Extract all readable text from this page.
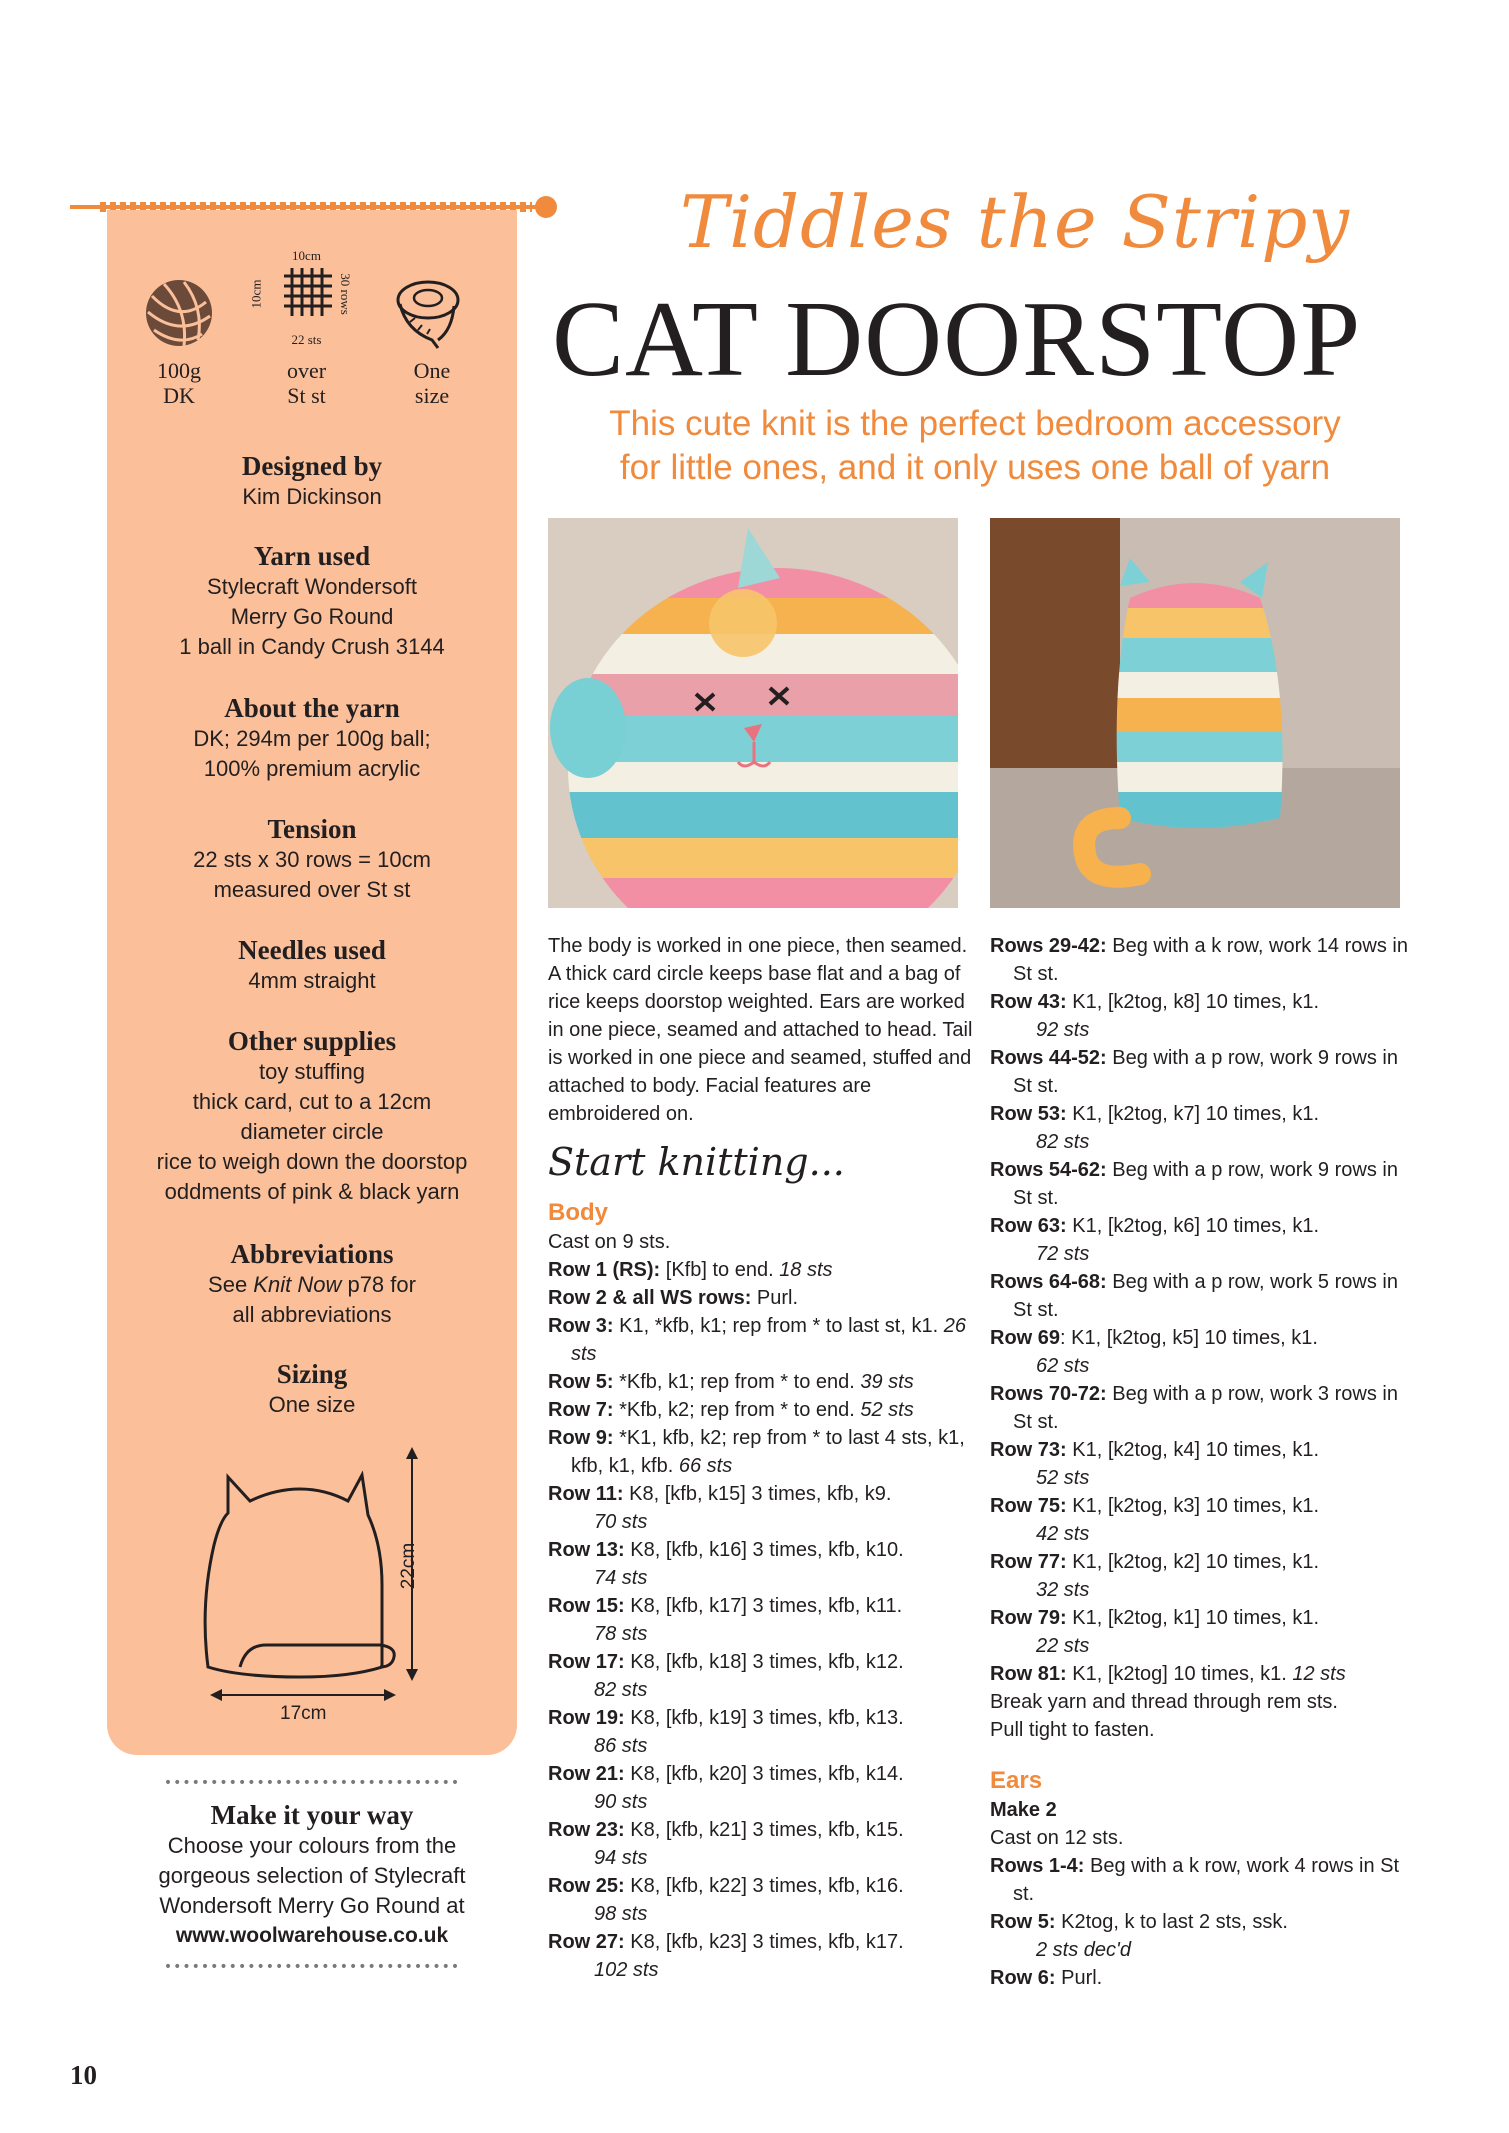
100g
DK
10cm
10cm	30 rows
22 sts
over
St st
One
size
Designed by
Kim Dickinson
Yarn used
Stylecraft Wondersoft
Merry Go Round
1 ball in Candy Crush 3144
About the yarn
DK; 294m per 100g ball;
100% premium acrylic
Tension
22 sts x 30 rows = 10cm
measured over St st
Needles used
4mm straight
Other supplies
toy stuffing
thick card, cut to a 12cm
diameter circle
rice to weigh down the doorstop
oddments of pink & black yarn
Abbreviations
See Knit Now p78 for
all abbreviations
Sizing
One size
22cm
17cm
••••••••••••••••••••••••••••••••
Make it your way
Choose your colours from the
gorgeous selection of Stylecraft
Wondersoft Merry Go Round at
www.woolwarehouse.co.uk
••••••••••••••••••••••••••••••••
10
Tiddles the Stripy
CAT DOORSTOP
This cute knit is the perfect bedroom accessory
for little ones, and it only uses one ball of yarn

The body is worked in one piece, then seamed. A thick card circle keeps base flat and a bag of rice keeps doorstop weighted. Ears are worked in one piece, seamed and attached to head. Tail is worked in one piece and seamed, stuffed and attached to body. Facial features are embroidered on.

Start knitting...
Body

Cast on 9 sts.

Row 1 (RS): [Kfb] to end. 18 sts

Row 2 & all WS rows: Purl.

Row 3: K1, *kfb, k1; rep from * to last st, k1. 26 sts

Row 5: *Kfb, k1; rep from * to end. 39 sts

Row 7: *Kfb, k2; rep from * to end. 52 sts

Row 9: *K1, kfb, k2; rep from * to last 4 sts, k1, kfb, k1, kfb. 66 sts

Row 11: K8, [kfb, k15] 3 times, kfb, k9.
70 sts

Row 13: K8, [kfb, k16] 3 times, kfb, k10.
74 sts

Row 15: K8, [kfb, k17] 3 times, kfb, k11.
78 sts

Row 17: K8, [kfb, k18] 3 times, kfb, k12.
82 sts

Row 19: K8, [kfb, k19] 3 times, kfb, k13.
86 sts

Row 21: K8, [kfb, k20] 3 times, kfb, k14.
90 sts

Row 23: K8, [kfb, k21] 3 times, kfb, k15.
94 sts

Row 25: K8, [kfb, k22] 3 times, kfb, k16.
98 sts

Row 27: K8, [kfb, k23] 3 times, kfb, k17.
102 sts

Rows 29-42: Beg with a k row, work 14 rows in St st.

Row 43: K1, [k2tog, k8] 10 times, k1.
92 sts

Rows 44-52: Beg with a p row, work 9 rows in St st.

Row 53: K1, [k2tog, k7] 10 times, k1.
82 sts

Rows 54-62: Beg with a p row, work 9 rows in St st.

Row 63: K1, [k2tog, k6] 10 times, k1.
72 sts

Rows 64-68: Beg with a p row, work 5 rows in St st.

Row 69: K1, [k2tog, k5] 10 times, k1.
62 sts

Rows 70-72: Beg with a p row, work 3 rows in St st.

Row 73: K1, [k2tog, k4] 10 times, k1.
52 sts

Row 75: K1, [k2tog, k3] 10 times, k1.
42 sts

Row 77: K1, [k2tog, k2] 10 times, k1.
32 sts

Row 79: K1, [k2tog, k1] 10 times, k1.
22 sts

Row 81: K1, [k2tog] 10 times, k1. 12 sts

Break yarn and thread through rem sts.

Pull tight to fasten.

Ears

Make 2

Cast on 12 sts.

Rows 1-4: Beg with a k row, work 4 rows in St st.

Row 5: K2tog, k to last 2 sts, ssk.
2 sts dec'd

Row 6: Purl.
